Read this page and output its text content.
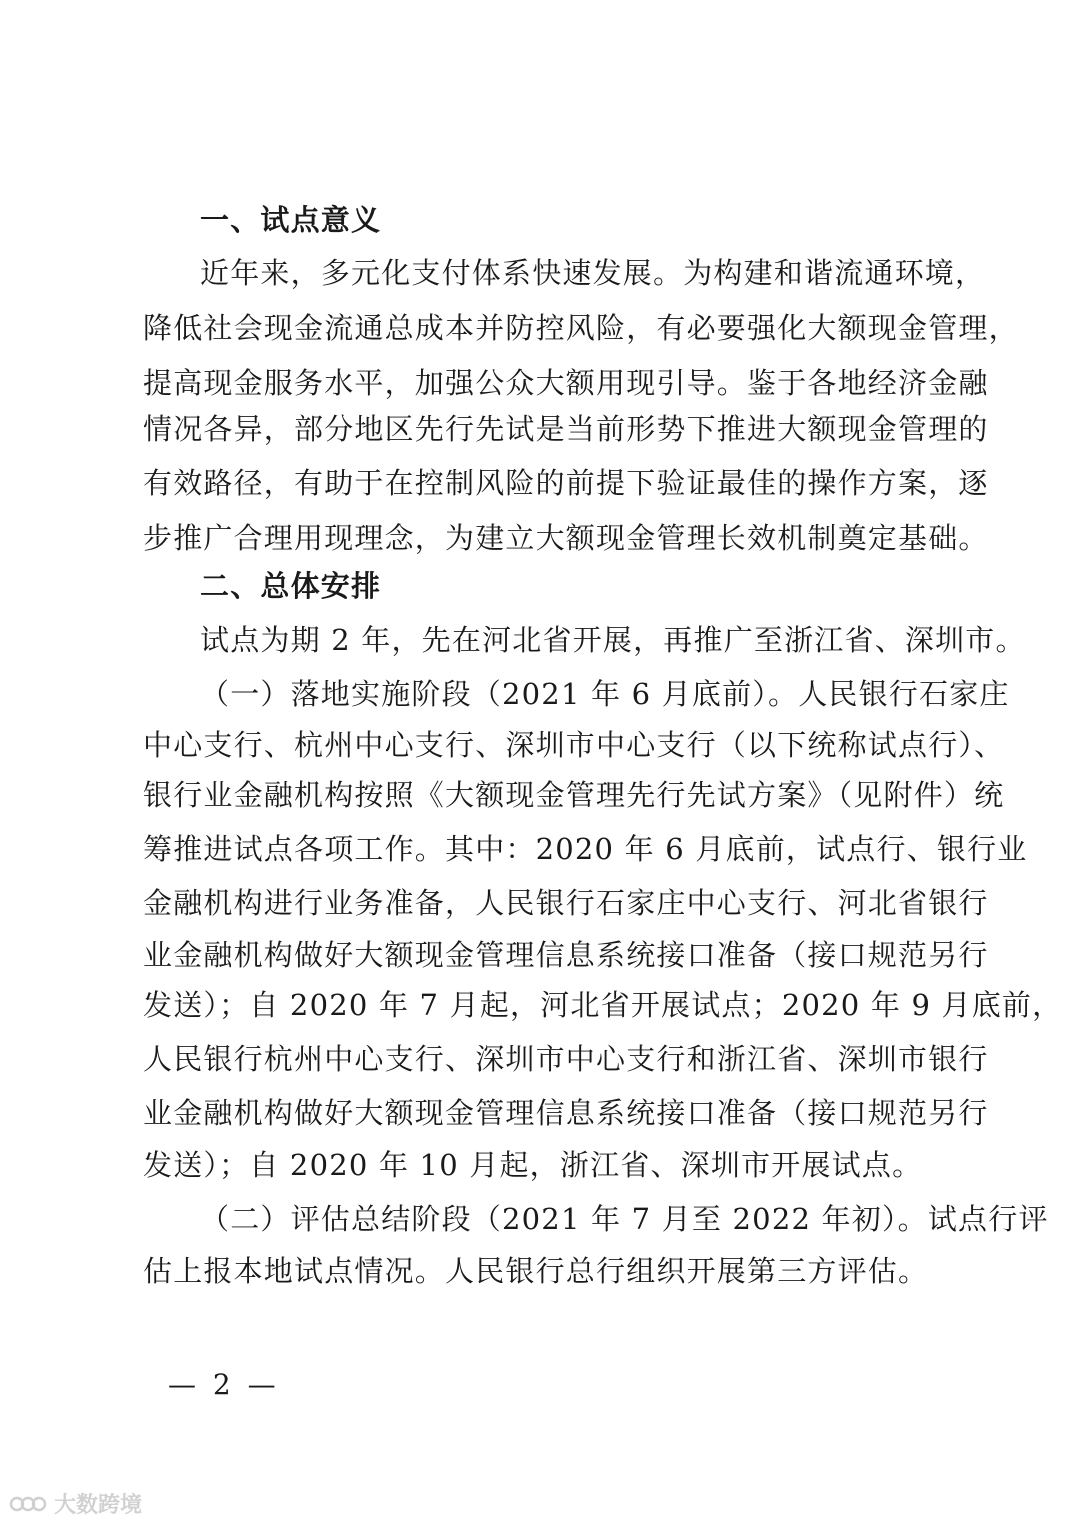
一、试点意义
近年来，多元化支付体系快速发展。为构建和谐流通环境，
降低社会现金流通总成本并防控风险，有必要强化大额现金管理，
提高现金服务水平，加强公众大额用现引导。鉴于各地经济金融
情况各异，部分地区先行先试是当前形势下推进大额现金管理的
有效路径，有助于在控制风险的前提下验证最佳的操作方案，逐
步推广合理用现理念，为建立大额现金管理长效机制奠定基础。
二、总体安排
试点为期 2 年，先在河北省开展，再推广至浙江省、深圳市。
（一）落地实施阶段（2021 年 6 月底前）。人民银行石家庄
中心支行、杭州中心支行、深圳市中心支行（以下统称试点行）、
银行业金融机构按照《大额现金管理先行先试方案》（见附件）统
筹推进试点各项工作。其中：2020 年 6 月底前，试点行、银行业
金融机构进行业务准备，人民银行石家庄中心支行、河北省银行
业金融机构做好大额现金管理信息系统接口准备（接口规范另行
发送）；自 2020 年 7 月起，河北省开展试点；2020 年 9 月底前，
人民银行杭州中心支行、深圳市中心支行和浙江省、深圳市银行
业金融机构做好大额现金管理信息系统接口准备（接口规范另行
发送）；自 2020 年 10 月起，浙江省、深圳市开展试点。
（二）评估总结阶段（2021 年 7 月至 2022 年初）。试点行评
估上报本地试点情况。人民银行总行组织开展第三方评估。
— 2 —
大数跨境
